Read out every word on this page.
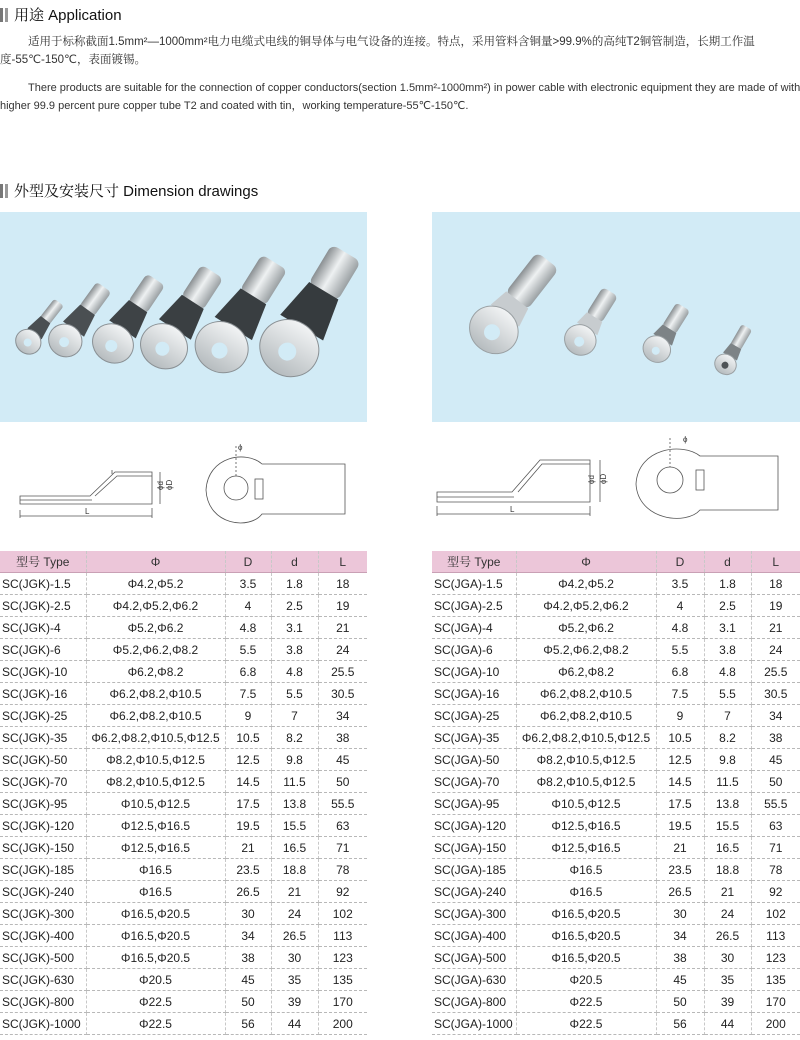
用途 Application
适用于标称截面1.5mm²—1000mm²电力电缆式电线的铜导体与电气设备的连接。特点，采用管料含铜量>99.9%的高纯T2铜管制造，长期工作温
度-55℃-150℃，表面镀锡。
There products are suitable for the connection of copper conductors(section 1.5mm²-1000mm²) in power cable with electronic equipment they are made of with
higher 99.9 percent pure copper tube T2 and coated with tin，working temperature-55℃-150℃.
外型及安装尺寸 Dimension drawings
L
ϕd ϕD
ϕ
L
ϕd ϕD
ϕ
型号 Type	Φ	D	d	L
SC(JGK)-1.5	Φ4.2,Φ5.2	3.5	1.8	18
SC(JGK)-2.5	Φ4.2,Φ5.2,Φ6.2	4	2.5	19
SC(JGK)-4	Φ5.2,Φ6.2	4.8	3.1	21
SC(JGK)-6	Φ5.2,Φ6.2,Φ8.2	5.5	3.8	24
SC(JGK)-10	Φ6.2,Φ8.2	6.8	4.8	25.5
SC(JGK)-16	Φ6.2,Φ8.2,Φ10.5	7.5	5.5	30.5
SC(JGK)-25	Φ6.2,Φ8.2,Φ10.5	9	7	34
SC(JGK)-35	Φ6.2,Φ8.2,Φ10.5,Φ12.5	10.5	8.2	38
SC(JGK)-50	Φ8.2,Φ10.5,Φ12.5	12.5	9.8	45
SC(JGK)-70	Φ8.2,Φ10.5,Φ12.5	14.5	11.5	50
SC(JGK)-95	Φ10.5,Φ12.5	17.5	13.8	55.5
SC(JGK)-120	Φ12.5,Φ16.5	19.5	15.5	63
SC(JGK)-150	Φ12.5,Φ16.5	21	16.5	71
SC(JGK)-185	Φ16.5	23.5	18.8	78
SC(JGK)-240	Φ16.5	26.5	21	92
SC(JGK)-300	Φ16.5,Φ20.5	30	24	102
SC(JGK)-400	Φ16.5,Φ20.5	34	26.5	113
SC(JGK)-500	Φ16.5,Φ20.5	38	30	123
SC(JGK)-630	Φ20.5	45	35	135
SC(JGK)-800	Φ22.5	50	39	170
SC(JGK)-1000	Φ22.5	56	44	200
型号 Type	Φ	D	d	L
SC(JGA)-1.5	Φ4.2,Φ5.2	3.5	1.8	18
SC(JGA)-2.5	Φ4.2,Φ5.2,Φ6.2	4	2.5	19
SC(JGA)-4	Φ5.2,Φ6.2	4.8	3.1	21
SC(JGA)-6	Φ5.2,Φ6.2,Φ8.2	5.5	3.8	24
SC(JGA)-10	Φ6.2,Φ8.2	6.8	4.8	25.5
SC(JGA)-16	Φ6.2,Φ8.2,Φ10.5	7.5	5.5	30.5
SC(JGA)-25	Φ6.2,Φ8.2,Φ10.5	9	7	34
SC(JGA)-35	Φ6.2,Φ8.2,Φ10.5,Φ12.5	10.5	8.2	38
SC(JGA)-50	Φ8.2,Φ10.5,Φ12.5	12.5	9.8	45
SC(JGA)-70	Φ8.2,Φ10.5,Φ12.5	14.5	11.5	50
SC(JGA)-95	Φ10.5,Φ12.5	17.5	13.8	55.5
SC(JGA)-120	Φ12.5,Φ16.5	19.5	15.5	63
SC(JGA)-150	Φ12.5,Φ16.5	21	16.5	71
SC(JGA)-185	Φ16.5	23.5	18.8	78
SC(JGA)-240	Φ16.5	26.5	21	92
SC(JGA)-300	Φ16.5,Φ20.5	30	24	102
SC(JGA)-400	Φ16.5,Φ20.5	34	26.5	113
SC(JGA)-500	Φ16.5,Φ20.5	38	30	123
SC(JGA)-630	Φ20.5	45	35	135
SC(JGA)-800	Φ22.5	50	39	170
SC(JGA)-1000	Φ22.5	56	44	200
